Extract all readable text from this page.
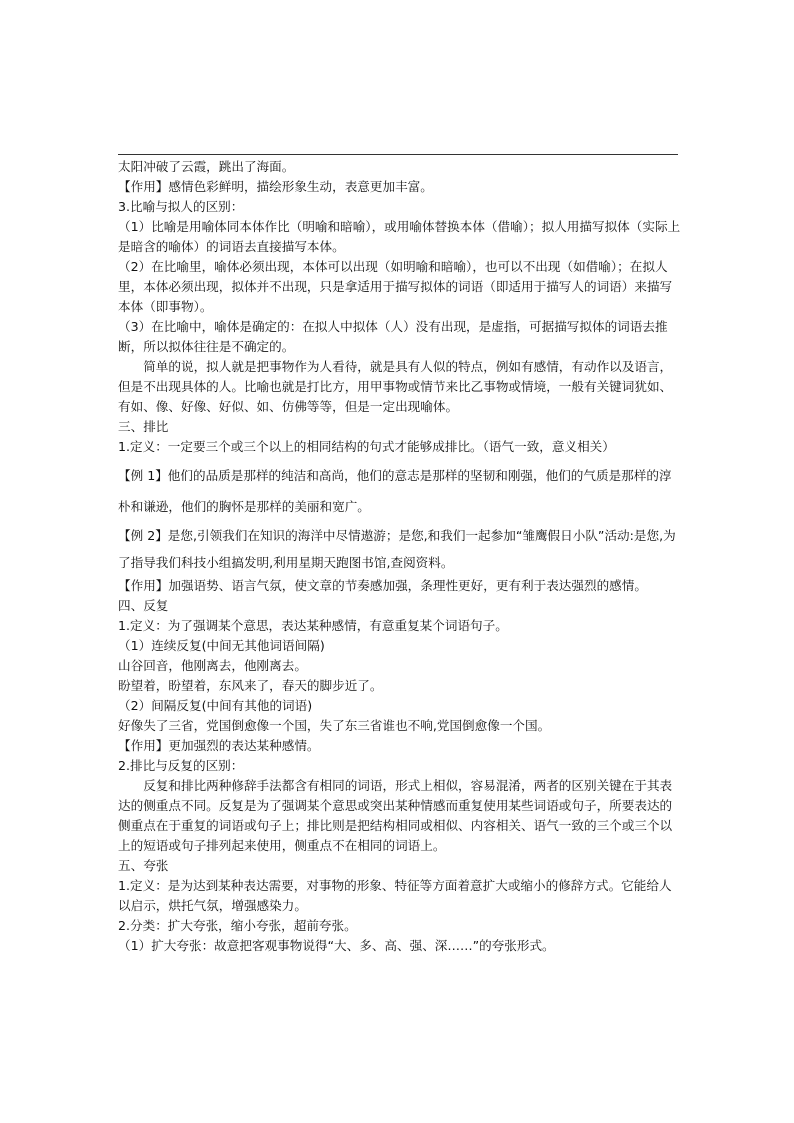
太阳冲破了云霞，跳出了海面。

【作用】感情色彩鲜明，描绘形象生动，表意更加丰富。

3.比喻与拟人的区别：

（1）比喻是用喻体同本体作比（明喻和暗喻），或用喻体替换本体（借喻）；拟人用描写拟体（实际上是暗含的喻体）的词语去直接描写本体。

（2）在比喻里，喻体必须出现，本体可以出现（如明喻和暗喻），也可以不出现（如借喻）；在拟人里，本体必须出现，拟体并不出现，只是拿适用于描写拟体的词语（即适用于描写人的词语）来描写本体（即事物）。

（3）在比喻中，喻体是确定的：在拟人中拟体（人）没有出现，是虚指，可据描写拟体的词语去推断，所以拟体往往是不确定的。

简单的说，拟人就是把事物作为人看待，就是具有人似的特点，例如有感情，有动作以及语言，但是不出现具体的人。比喻也就是打比方，用甲事物或情节来比乙事物或情境，一般有关键词犹如、有如、像、好像、好似、如、仿佛等等，但是一定出现喻体。

三、排比

1.定义：一定要三个或三个以上的相同结构的句式才能够成排比。（语气一致，意义相关）

【例 1】他们的品质是那样的纯洁和高尚，他们的意志是那样的坚韧和刚强，他们的气质是那样的淳朴和谦逊，他们的胸怀是那样的美丽和宽广。

【例 2】是您,引领我们在知识的海洋中尽情遨游；是您,和我们一起参加“雏鹰假日小队”活动:是您,为了指导我们科技小组搞发明,利用星期天跑图书馆,查阅资料。

【作用】加强语势、语言气氛，使文章的节奏感加强，条理性更好，更有利于表达强烈的感情。

四、反复

1.定义：为了强调某个意思，表达某种感情，有意重复某个词语句子。

（1）连续反复(中间无其他词语间隔)

山谷回音，他刚离去，他刚离去。

盼望着，盼望着，东风来了，春天的脚步近了。

（2）间隔反复(中间有其他的词语)

好像失了三省，党国倒愈像一个国，失了东三省谁也不响,党国倒愈像一个国。

【作用】更加强烈的表达某种感情。

2.排比与反复的区别：

反复和排比两种修辞手法都含有相同的词语，形式上相似，容易混淆，两者的区别关键在于其表达的侧重点不同。反复是为了强调某个意思或突出某种情感而重复使用某些词语或句子，所要表达的侧重点在于重复的词语或句子上；排比则是把结构相同或相似、内容相关、语气一致的三个或三个以上的短语或句子排列起来使用，侧重点不在相同的词语上。

五、夸张

1.定义：是为达到某种表达需要，对事物的形象、特征等方面着意扩大或缩小的修辞方式。它能给人以启示，烘托气氛，增强感染力。

2.分类：扩大夸张，缩小夸张，超前夸张。

（1）扩大夸张：故意把客观事物说得“大、多、高、强、深……”的夸张形式。
